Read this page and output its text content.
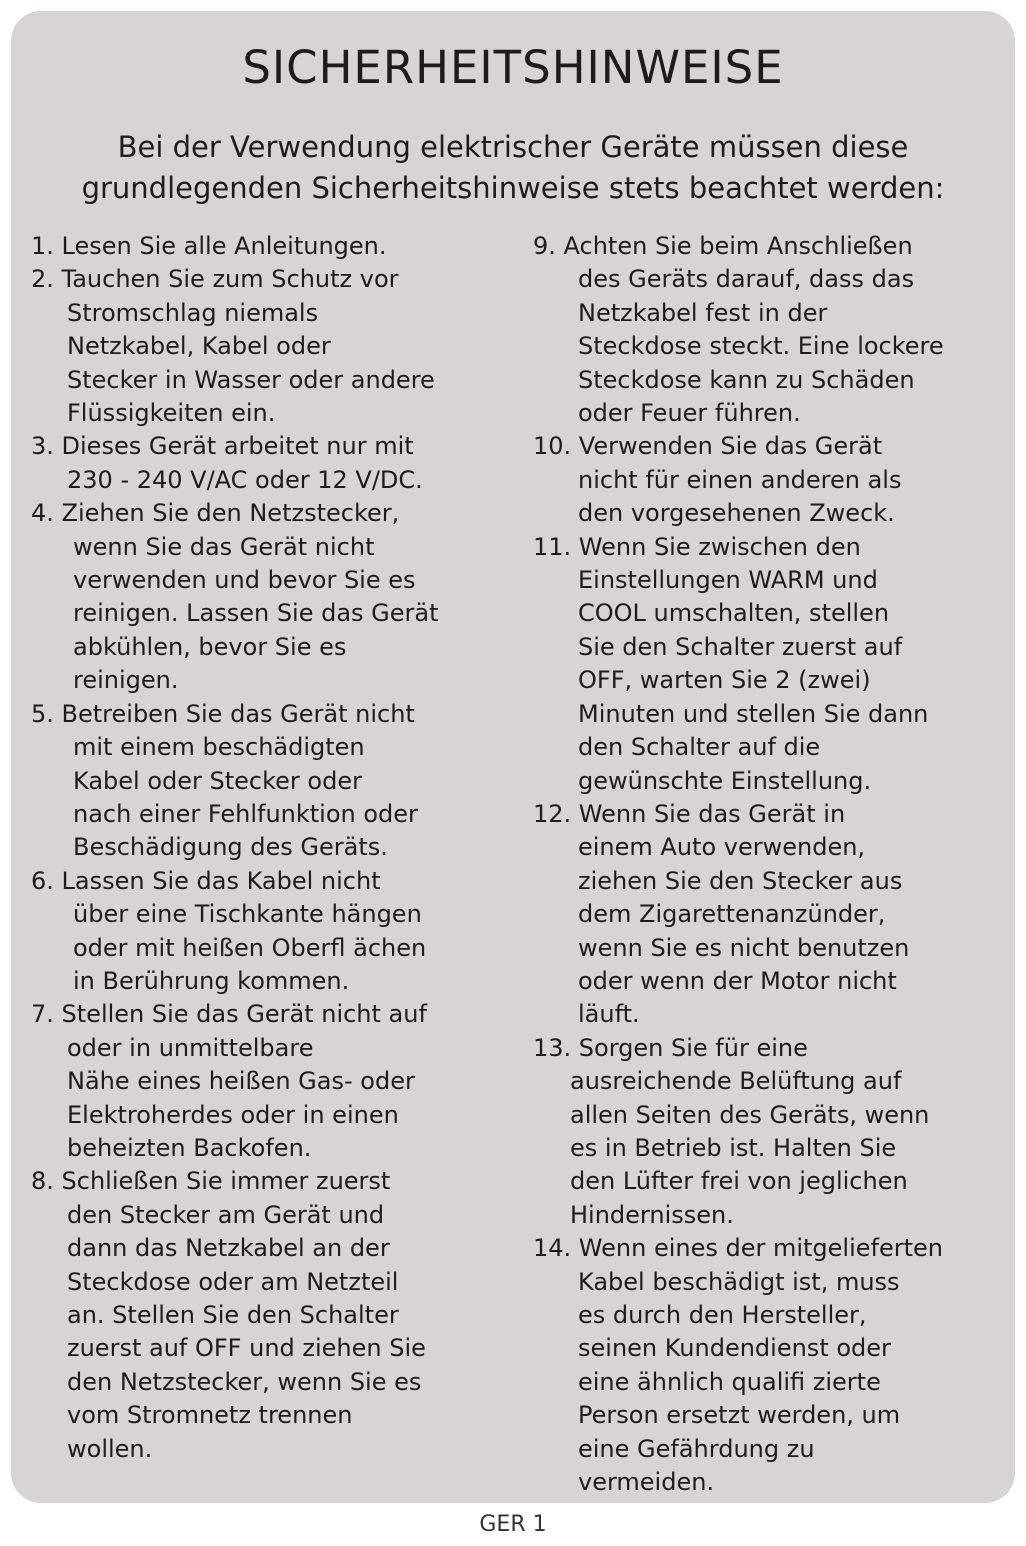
SICHERHEITSHINWEISE

Bei der Verwendung elektrischer Geräte müssen diese
grundlegenden Sicherheitshinweise stets beachtet werden:

1. Lesen Sie alle Anleitungen.

2. Tauchen Sie zum Schutz vor
Stromschlag niemals
Netzkabel, Kabel oder
Stecker in Wasser oder andere
Flüssigkeiten ein.

3. Dieses Gerät arbeitet nur mit
230 - 240 V/AC oder 12 V/DC.

4. Ziehen Sie den Netzstecker,
wenn Sie das Gerät nicht
verwenden und bevor Sie es
reinigen. Lassen Sie das Gerät
abkühlen, bevor Sie es
reinigen.

5. Betreiben Sie das Gerät nicht
mit einem beschädigten
Kabel oder Stecker oder
nach einer Fehlfunktion oder
Beschädigung des Geräts.

6. Lassen Sie das Kabel nicht
über eine Tischkante hängen
oder mit heißen Oberfl ächen
in Berührung kommen.

7. Stellen Sie das Gerät nicht auf
oder in unmittelbare
Nähe eines heißen Gas- oder
Elektroherdes oder in einen
beheizten Backofen.

8. Schließen Sie immer zuerst
den Stecker am Gerät und
dann das Netzkabel an der
Steckdose oder am Netzteil
an. Stellen Sie den Schalter
zuerst auf OFF und ziehen Sie
den Netzstecker, wenn Sie es
vom Stromnetz trennen
wollen.

9. Achten Sie beim Anschließen
des Geräts darauf, dass das
Netzkabel fest in der
Steckdose steckt. Eine lockere
Steckdose kann zu Schäden
oder Feuer führen.

10. Verwenden Sie das Gerät
nicht für einen anderen als
den vorgesehenen Zweck.

11. Wenn Sie zwischen den
Einstellungen WARM und
COOL umschalten, stellen
Sie den Schalter zuerst auf
OFF, warten Sie 2 (zwei)
Minuten und stellen Sie dann
den Schalter auf die
gewünschte Einstellung.

12. Wenn Sie das Gerät in
einem Auto verwenden,
ziehen Sie den Stecker aus
dem Zigarettenanzünder,
wenn Sie es nicht benutzen
oder wenn der Motor nicht
läuft.

13. Sorgen Sie für eine
ausreichende Belüftung auf
allen Seiten des Geräts, wenn
es in Betrieb ist. Halten Sie
den Lüfter frei von jeglichen
Hindernissen.

14. Wenn eines der mitgelieferten
Kabel beschädigt ist, muss
es durch den Hersteller,
seinen Kundendienst oder
eine ähnlich qualifi zierte
Person ersetzt werden, um
eine Gefährdung zu
vermeiden.

GER 1
